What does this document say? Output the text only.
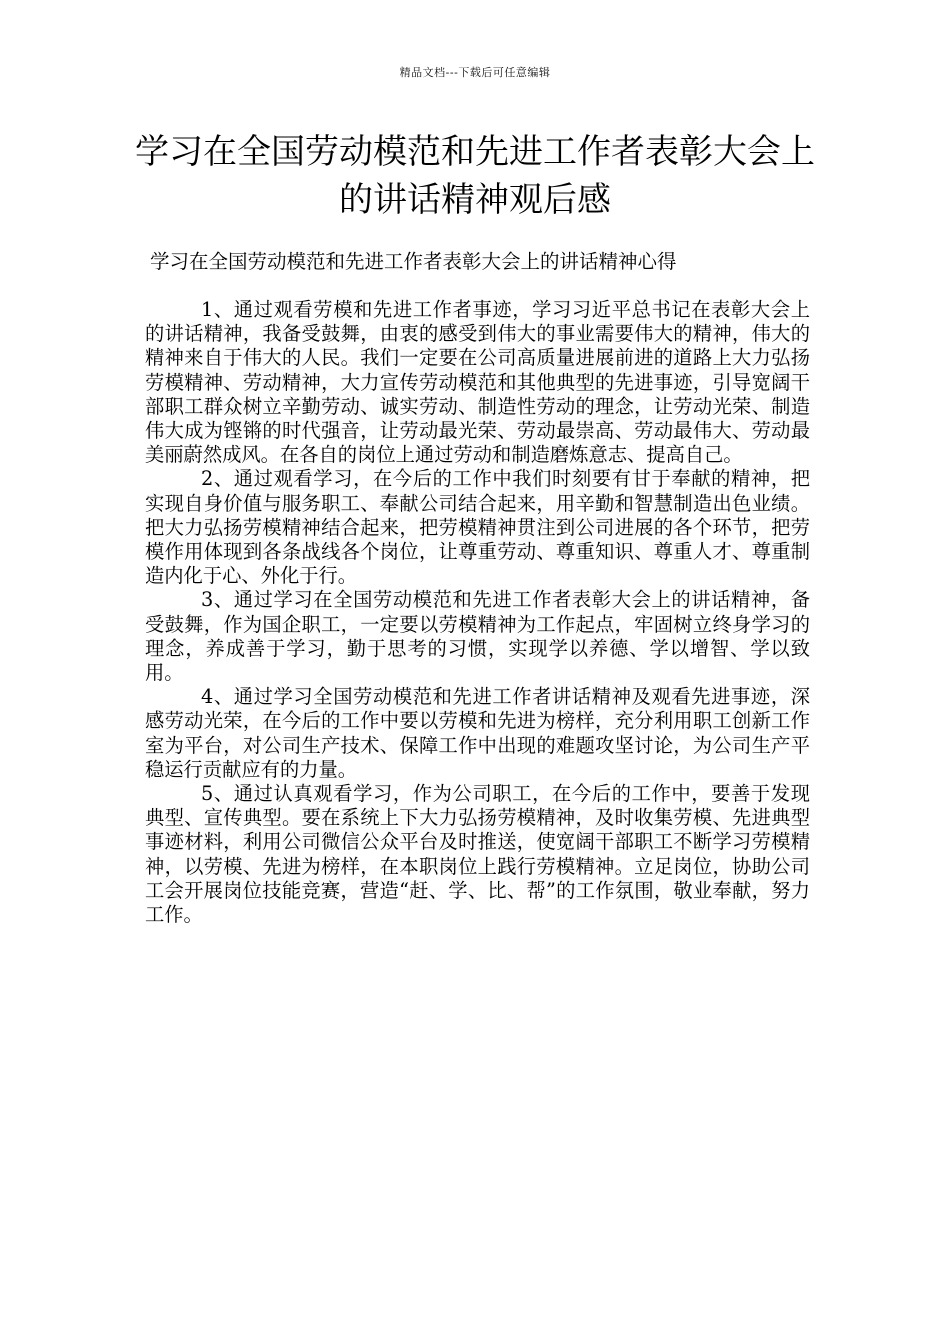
精品文档---下载后可任意编辑
学习在全国劳动模范和先进工作者表彰大会上的讲话精神观后感

学习在全国劳动模范和先进工作者表彰大会上的讲话精神心得

1、通过观看劳模和先进工作者事迹，学习习近平总书记在表彰大会上的讲话精神，我备受鼓舞，由衷的感受到伟大的事业需要伟大的精神，伟大的精神来自于伟大的人民。我们一定要在公司高质量进展前进的道路上大力弘扬劳模精神、劳动精神，大力宣传劳动模范和其他典型的先进事迹，引导宽阔干部职工群众树立辛勤劳动、诚实劳动、制造性劳动的理念，让劳动光荣、制造伟大成为铿锵的时代强音，让劳动最光荣、劳动最崇高、劳动最伟大、劳动最美丽蔚然成风。在各自的岗位上通过劳动和制造磨炼意志、提高自己。

2、通过观看学习，在今后的工作中我们时刻要有甘于奉献的精神，把实现自身价值与服务职工、奉献公司结合起来，用辛勤和智慧制造出色业绩。把大力弘扬劳模精神结合起来，把劳模精神贯注到公司进展的各个环节，把劳模作用体现到各条战线各个岗位，让尊重劳动、尊重知识、尊重人才、尊重制造内化于心、外化于行。

3、通过学习在全国劳动模范和先进工作者表彰大会上的讲话精神，备受鼓舞，作为国企职工，一定要以劳模精神为工作起点，牢固树立终身学习的理念，养成善于学习，勤于思考的习惯，实现学以养德、学以增智、学以致用。

4、通过学习全国劳动模范和先进工作者讲话精神及观看先进事迹，深感劳动光荣，在今后的工作中要以劳模和先进为榜样，充分利用职工创新工作室为平台，对公司生产技术、保障工作中出现的难题攻坚讨论，为公司生产平稳运行贡献应有的力量。

5、通过认真观看学习，作为公司职工，在今后的工作中，要善于发现典型、宣传典型。要在系统上下大力弘扬劳模精神，及时收集劳模、先进典型事迹材料，利用公司微信公众平台及时推送，使宽阔干部职工不断学习劳模精神，以劳模、先进为榜样，在本职岗位上践行劳模精神。立足岗位，协助公司工会开展岗位技能竞赛，营造“赶、学、比、帮”的工作氛围，敬业奉献，努力工作。
